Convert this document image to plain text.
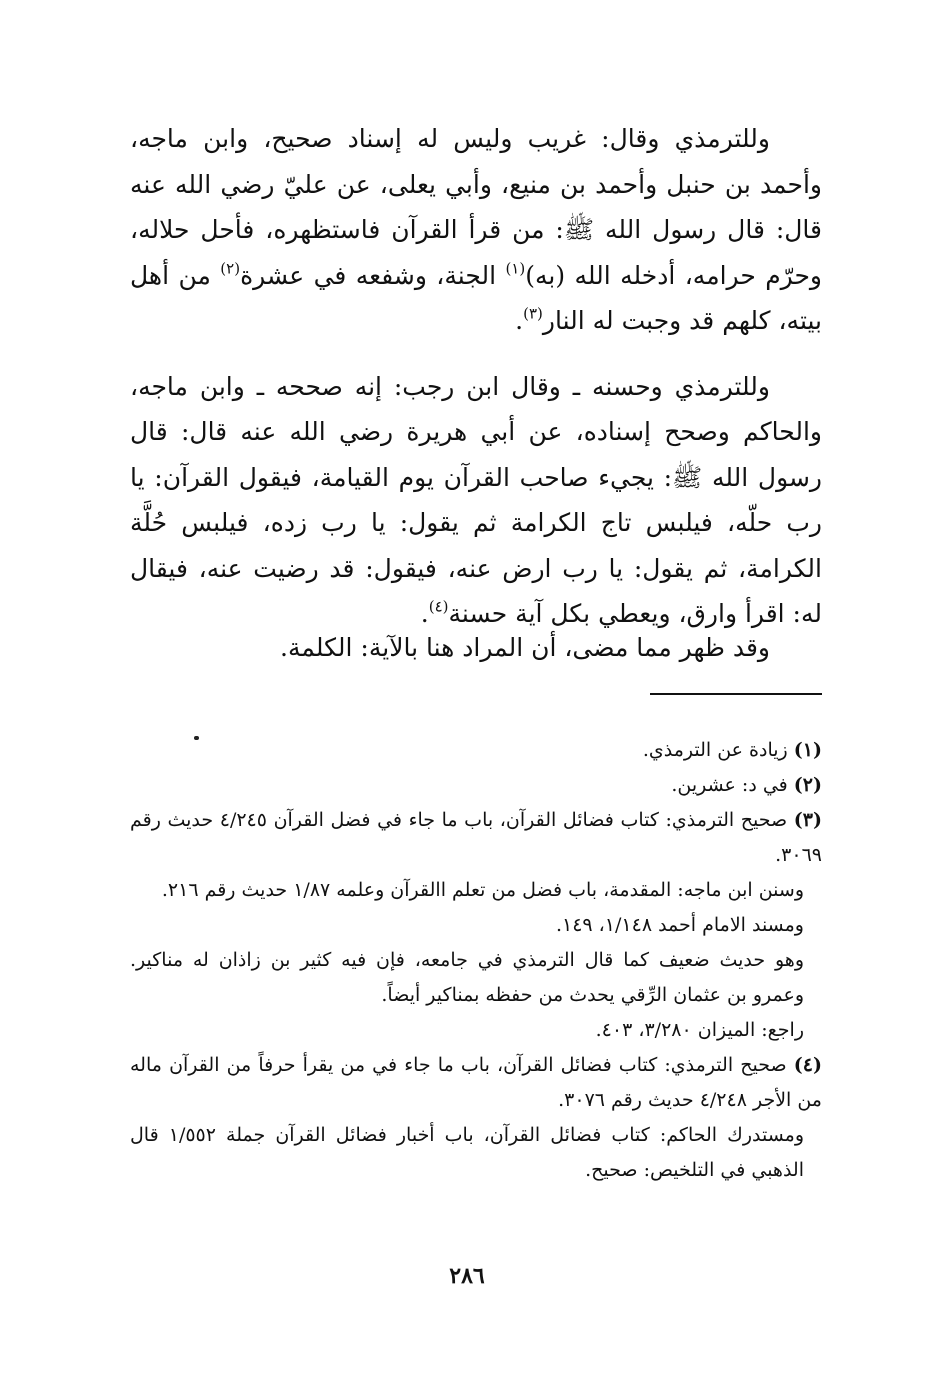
وللترمذي وقال: غريب وليس له إسناد صحيح، وابن ماجه، وأحمد بن حنبل وأحمد بن منيع، وأبي يعلى، عن عليّ رضي الله عنه قال: قال رسول الله ﷺ: من قرأ القرآن فاستظهره، فأحل حلاله، وحرّم حرامه، أدخله الله (به)$^{(١)}$ الجنة، وشفعه في عشرة$^{(٢)}$ من أهل بيته، كلهم قد وجبت له النار$^{(٣)}$.

وللترمذي وحسنه ـ وقال ابن رجب: إنه صححه ـ وابن ماجه، والحاكم وصحح إسناده، عن أبي هريرة رضي الله عنه قال: قال رسول الله ﷺ: يجيء صاحب القرآن يوم القيامة، فيقول القرآن: يا رب حلّه، فيلبس تاج الكرامة ثم يقول: يا رب زده، فيلبس حُلَّة الكرامة، ثم يقول: يا رب ارض عنه، فيقول: قد رضيت عنه، فيقال له: اقرأ وارق، ويعطي بكل آية حسنة$^{(٤)}$.

وقد ظهر مما مضى، أن المراد هنا بالآية: الكلمة.

(١) زيادة عن الترمذي.

(٢) في د: عشرين.

(٣) صحيح الترمذي: كتاب فضائل القرآن، باب ما جاء في فضل القرآن ٤/٢٤٥ حديث رقم ٣٠٦٩.

وسنن ابن ماجه: المقدمة، باب فضل من تعلم االقرآن وعلمه ١/٨٧ حديث رقم ٢١٦.

ومسند الامام أحمد ١/١٤٨، ١٤٩.

وهو حديث ضعيف كما قال الترمذي في جامعه، فإن فيه كثير بن زاذان له مناكير. وعمرو بن عثمان الرِّقي يحدث من حفظه بمناكير أيضاً.

راجع: الميزان ٣/٢٨٠، ٤٠٣.

(٤) صحيح الترمذي: كتاب فضائل القرآن، باب ما جاء في من يقرأ حرفاً من القرآن ماله من الأجر ٤/٢٤٨ حديث رقم ٣٠٧٦.

ومستدرك الحاكم: كتاب فضائل القرآن، باب أخبار فضائل القرآن جملة ١/٥٥٢ قال الذهبي في التلخيص: صحيح.

٢٨٦
